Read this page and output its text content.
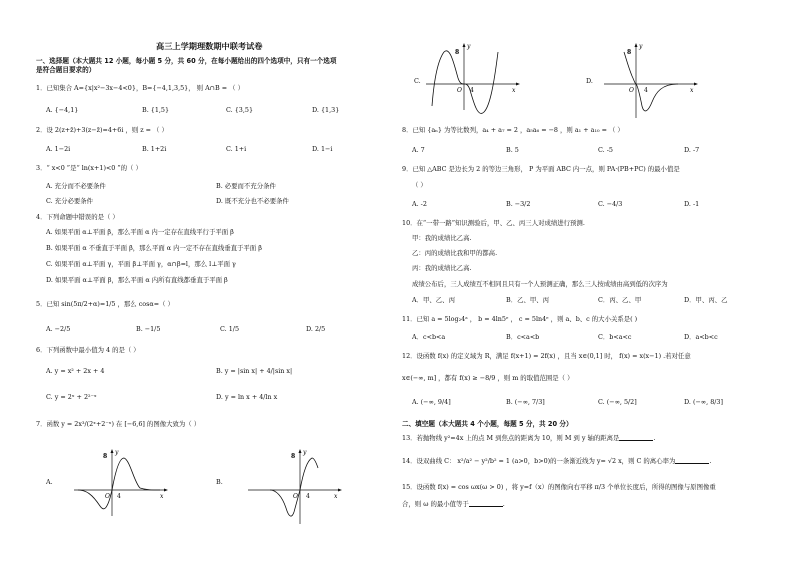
高三上学期理数期中联考试卷
一、选择题（本大题共 12 小题，每小题 5 分，共 60 分，在每小题给出的四个选项中，只有一个选项
是符合题目要求的）
1．已知集合 A={x|x²−3x−4<0}，B={−4,1,3,5}， 则 A∩B = （ ）
A. {−4,1}	B. {1,5}	C. {3,5}	D. {1,3}
2．设 2(z+z̄)+3(z−z̄)=4+6i ，则 z = （ ）
A. 1−2i	B. 1+2i	C. 1+i	D. 1−i
3．“ x<0 ”是“ ln(x+1)<0 ”的（ ）
A. 充分而不必要条件	B. 必要而不充分条件
C. 充分必要条件	D. 既不充分也不必要条件
4．下列命题中错误的是（ ）
A. 如果平面 α⊥平面 β，那么平面 α 内一定存在直线平行于平面 β
B. 如果平面 α 不垂直于平面 β，那么平面 α 内一定不存在直线垂直于平面 β
C. 如果平面 α⊥平面 γ，平面 β⊥平面 γ，α∩β=l，那么 l⊥平面 γ
D. 如果平面 α⊥平面 β，那么平面 α 内所有直线都垂直于平面 β
5．已知 sin(5π/2+α)=1/5 ，那么 cosα=（ ）
A. −2/5	B. −1/5	C. 1/5	D. 2/5
6．下列函数中最小值为 4 的是（ ）
A. y = x² + 2x + 4	B. y = |sin x| + 4/|sin x|
C. y = 2ˣ + 2²⁻ˣ	D. y = ln x + 4/ln x
7．函数 y = 2x³/(2ˣ+2⁻ˣ) 在 [−6,6] 的图像大致为（ ）
A.	B.
8
O 4	x
y
8
O 4	x
y
C.	D.
8
O 4	x
y
8
O 4	x
y
8．已知 {aₙ} 为等比数列，a₄ + a₇ = 2 ，a₅a₆ = −8 ，则 a₁ + a₁₀ = （ ）
A. 7	B. 5	C. -5	D. -7
9．已知 △ABC 是边长为 2 的等边三角形， P 为平面 ABC 内一点，则 PA·(PB+PC) 的最小值是
（ ）
A. -2	B. −3/2	C. −4/3	D. -1
10．在“一带一路”知识测验后，甲、乙、丙三人对成绩进行预测.
甲：我的成绩比乙高.
乙：丙的成绩比我和甲的都高.
丙：我的成绩比乙高.
成绩公布后，三人成绩互不相同且只有一个人预测正确，那么三人按成绩由高到低的次序为
A．甲、乙、丙	B．乙、甲、丙	C．丙、乙、甲	D．甲、丙、乙
11．已知 a = 5log₂4ᵃ ， b = 4ln5ᵉ ， c = 5ln4ᵉ ，则 a、b、c 的大小关系是( )
A．c<b<a	B．c<a<b	C．b<a<c	D．a<b<c
12．设函数 f(x) 的定义域为 R，满足 f(x+1) = 2f(x) ，且当 x∈(0,1] 时， f(x) = x(x−1) .若对任意
x∈(−∞, m] ，都有 f(x) ≥ −8/9 ，则 m 的取值范围是（ ）
A. (−∞, 9/4]	B. (−∞, 7/3]	C. (−∞, 5/2]	D. (−∞, 8/3]
二、填空题（本大题共 4 个小题，每题 5 分，共 20 分）
13．若抛物线 y²=4x 上的点 M 到焦点的距离为 10，则 M 到 y 轴的距离是	.
14．设双曲线 C： x²/a² − y²/b² = 1 (a>0，b>0)的一条渐近线为 y= √2 x，则 C 的离心率为	.
15．设函数 f(x) = cos ωx(ω > 0) ，将 y=f（x）的图像向右平移 π/3 个单位长度后，所得的图像与原图像重
合，则 ω 的最小值等于	.
